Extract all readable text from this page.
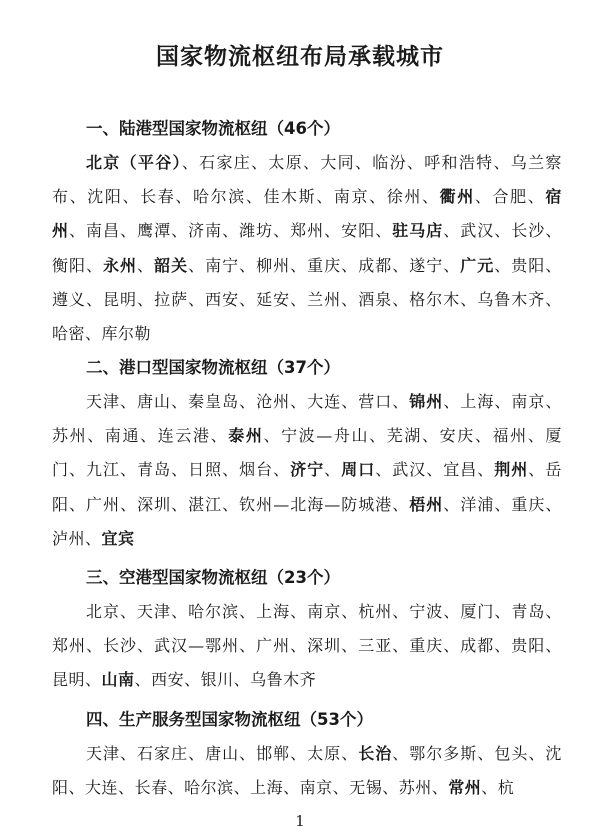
国家物流枢纽布局承载城市
一、陆港型国家物流枢纽（46个）
北京（平谷）、石家庄、太原、大同、临汾、呼和浩特、乌兰察布、沈阳、长春、哈尔滨、佳木斯、南京、徐州、衢州、合肥、宿州、南昌、鹰潭、济南、潍坊、郑州、安阳、驻马店、武汉、长沙、衡阳、永州、韶关、南宁、柳州、重庆、成都、遂宁、广元、贵阳、遵义、昆明、拉萨、西安、延安、兰州、酒泉、格尔木、乌鲁木齐、哈密、库尔勒
二、港口型国家物流枢纽（37个）
天津、唐山、秦皇岛、沧州、大连、营口、锦州、上海、南京、苏州、南通、连云港、泰州、宁波—舟山、芜湖、安庆、福州、厦门、九江、青岛、日照、烟台、济宁、周口、武汉、宜昌、荆州、岳阳、广州、深圳、湛江、钦州—北海—防城港、梧州、洋浦、重庆、泸州、宜宾
三、空港型国家物流枢纽（23个）
北京、天津、哈尔滨、上海、南京、杭州、宁波、厦门、青岛、郑州、长沙、武汉—鄂州、广州、深圳、三亚、重庆、成都、贵阳、昆明、山南、西安、银川、乌鲁木齐
四、生产服务型国家物流枢纽（53个）
天津、石家庄、唐山、邯郸、太原、长治、鄂尔多斯、包头、沈阳、大连、长春、哈尔滨、上海、南京、无锡、苏州、常州、杭
1
